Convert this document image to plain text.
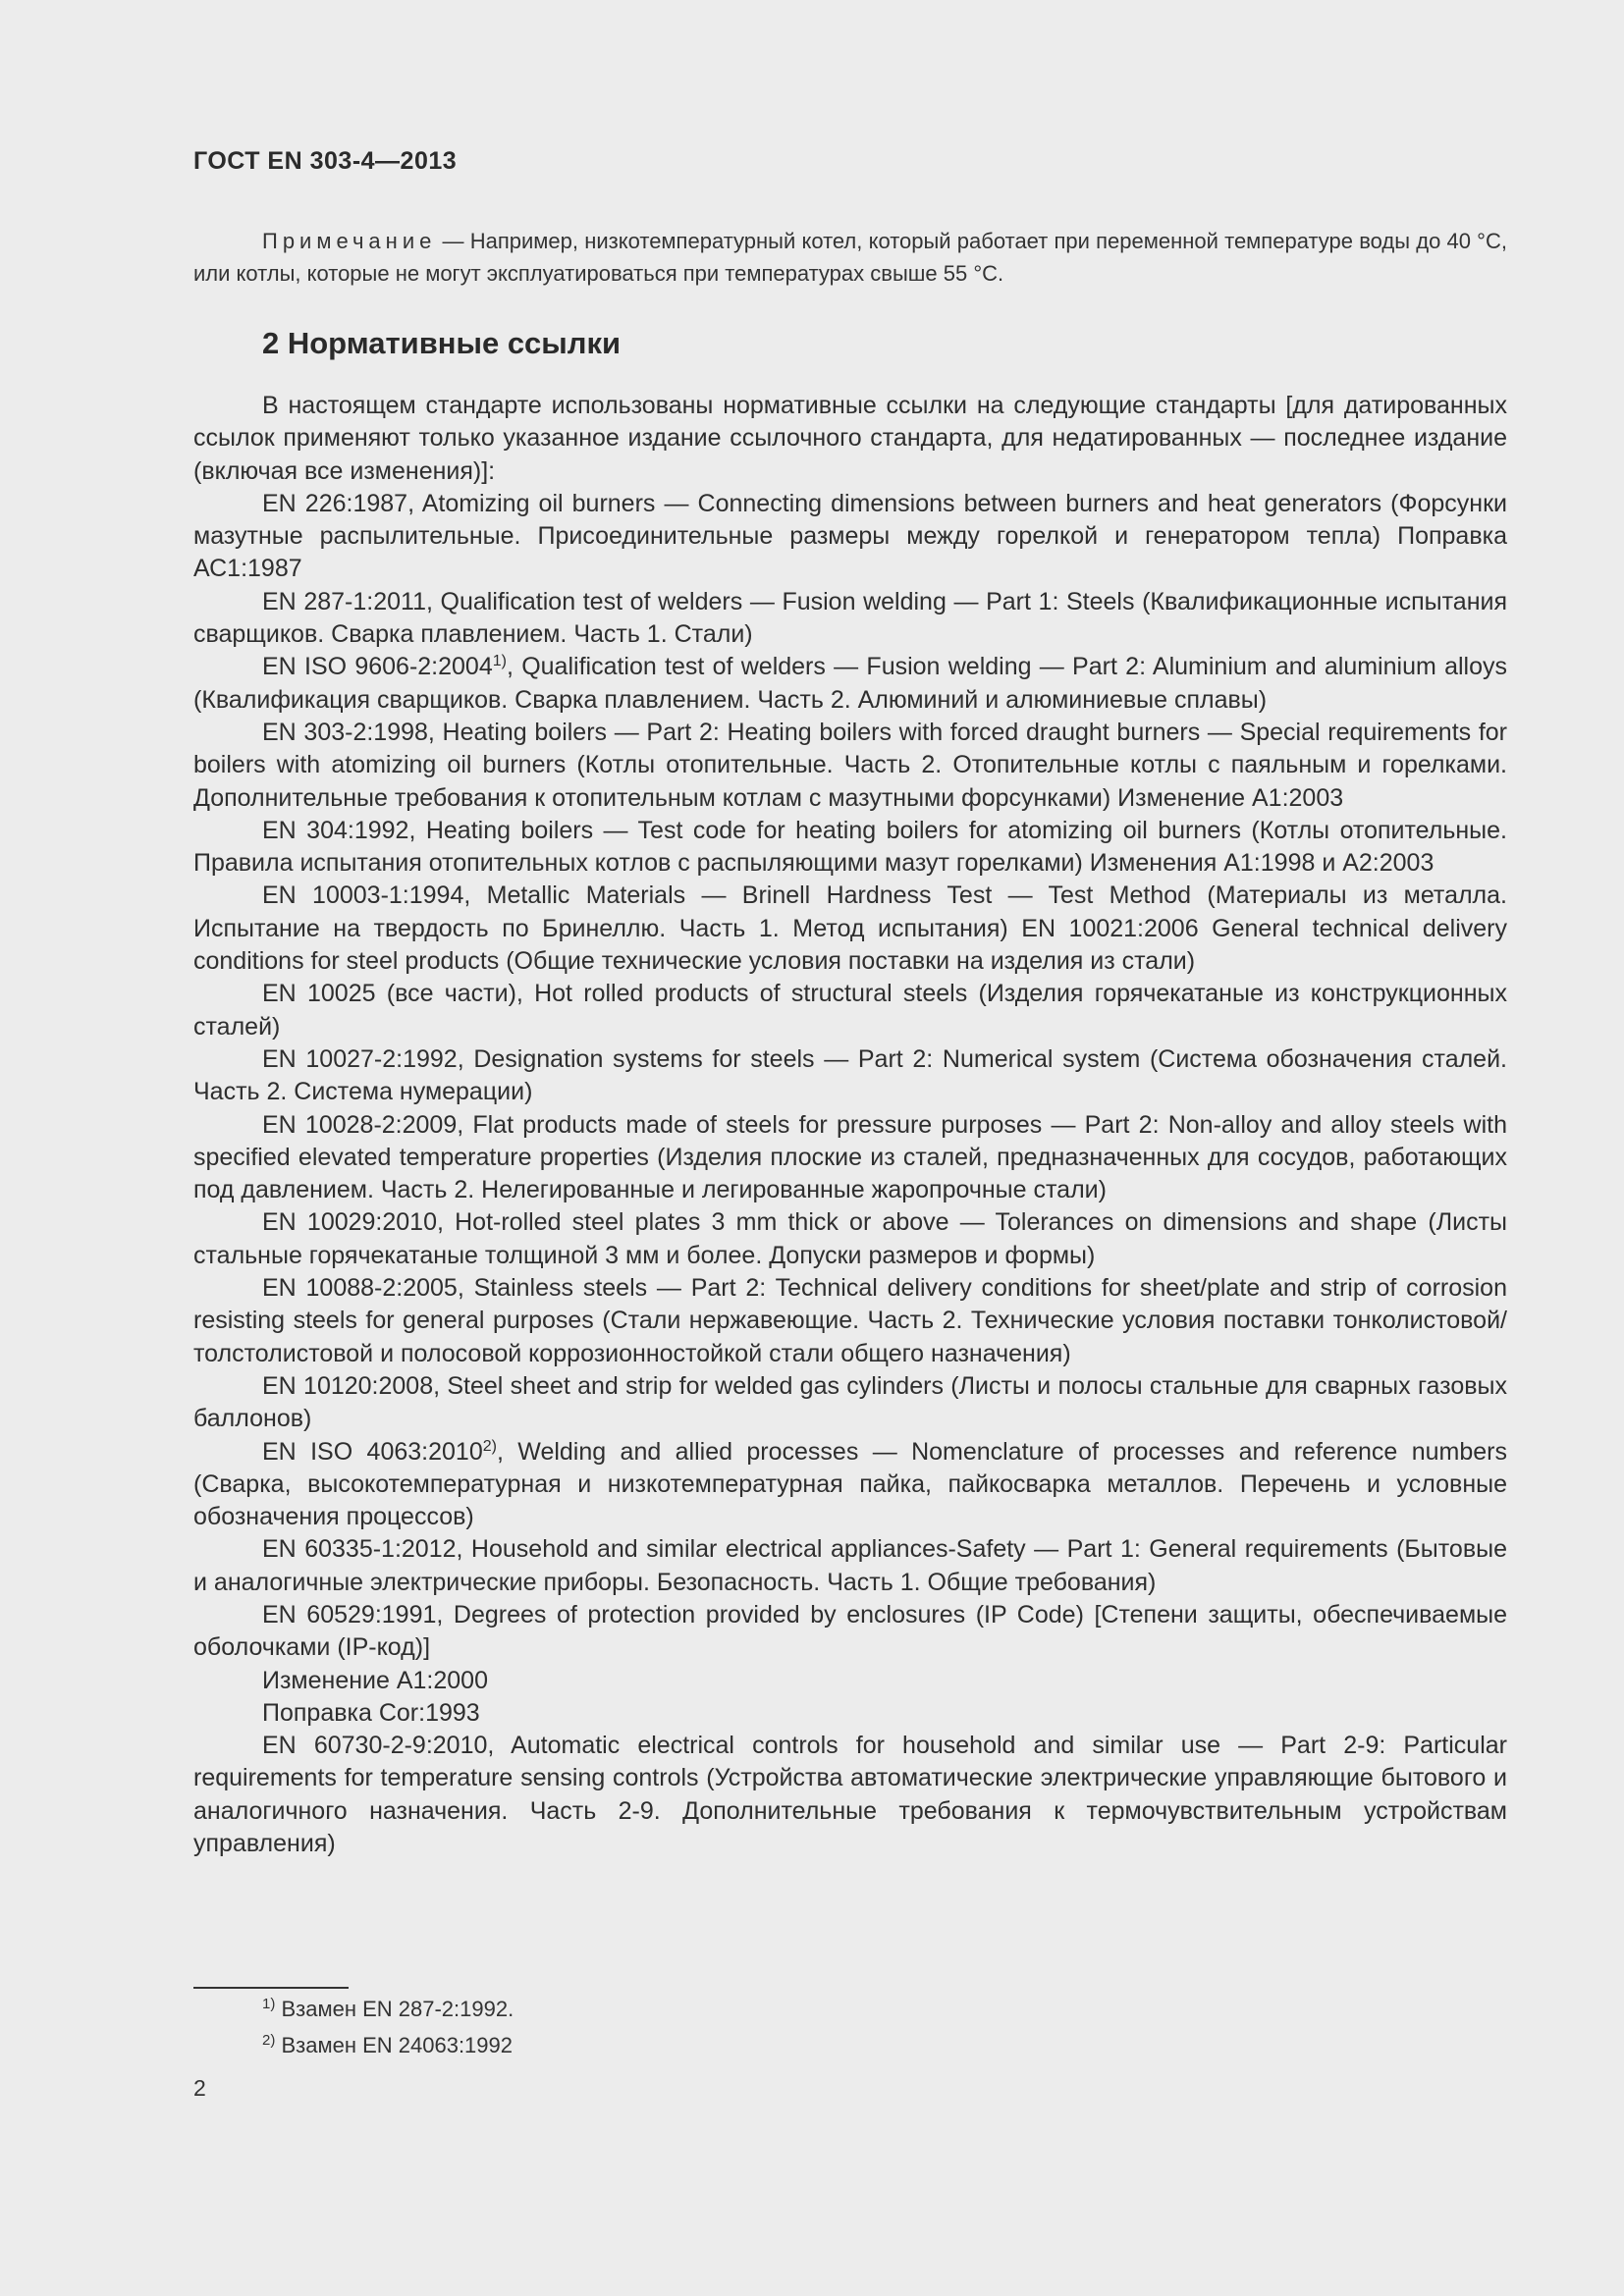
ГОСТ EN 303-4—2013
Примечание — Например, низкотемпературный котел, который работает при переменной температуре воды до 40 °С, или котлы, которые не могут эксплуатироваться при температурах свыше 55 °С.
2 Нормативные ссылки

В настоящем стандарте использованы нормативные ссылки на следующие стандарты [для датированных ссылок применяют только указанное издание ссылочного стандарта, для недатированных — последнее издание (включая все изменения)]:

EN 226:1987, Atomizing oil burners — Connecting dimensions between burners and heat generators (Форсунки мазутные распылительные. Присоединительные размеры между горелкой и генератором тепла) Поправка АС1:1987

EN 287-1:2011, Qualification test of welders — Fusion welding — Part 1: Steels (Квалификационные испытания сварщиков. Сварка плавлением. Часть 1. Стали)

EN ISO 9606-2:2004$^{1)}$, Qualification test of welders — Fusion welding — Part 2: Aluminium and aluminium alloys (Квалификация сварщиков. Сварка плавлением. Часть 2. Алюминий и алюминиевые сплавы)

EN 303-2:1998, Heating boilers — Part 2: Heating boilers with forced draught burners — Special requirements for boilers with atomizing oil burners (Котлы отопительные. Часть 2. Отопительные котлы с паяльным и горелками. Дополнительные требования к отопительным котлам с мазутными форсунками) Изменение А1:2003

EN 304:1992, Heating boilers — Test code for heating boilers for atomizing oil burners (Котлы отопительные. Правила испытания отопительных котлов с распыляющими мазут горелками) Изменения А1:1998 и А2:2003

EN 10003-1:1994, Metallic Materials — Brinell Hardness Test — Test Method (Материалы из металла. Испытание на твердость по Бринеллю. Часть 1. Метод испытания) EN 10021:2006 General technical delivery conditions for steel products (Общие технические условия поставки на изделия из стали)

EN 10025 (все части), Hot rolled products of structural steels (Изделия горячекатаные из конструкционных сталей)

EN 10027-2:1992, Designation systems for steels — Part 2: Numerical system (Система обозначения сталей. Часть 2. Система нумерации)

EN 10028-2:2009, Flat products made of steels for pressure purposes — Part 2: Non-alloy and alloy steels with specified elevated temperature properties (Изделия плоские из сталей, предназначенных для сосудов, работающих под давлением. Часть 2. Нелегированные и легированные жаропрочные стали)

EN 10029:2010, Hot-rolled steel plates 3 mm thick or above — Tolerances on dimensions and shape (Листы стальные горячекатаные толщиной 3 мм и более. Допуски размеров и формы)

EN 10088-2:2005, Stainless steels — Part 2: Technical delivery conditions for sheet/plate and strip of corrosion resisting steels for general purposes (Стали нержавеющие. Часть 2. Технические условия поставки тонколистовой/толстолистовой и полосовой коррозионностойкой стали общего назначения)

EN 10120:2008, Steel sheet and strip for welded gas cylinders (Листы и полосы стальные для сварных газовых баллонов)

EN ISO 4063:2010$^{2)}$, Welding and allied processes — Nomenclature of processes and reference numbers (Сварка, высокотемпературная и низкотемпературная пайка, пайкосварка металлов. Перечень и условные обозначения процессов)

EN 60335-1:2012, Household and similar electrical appliances-Safety — Part 1: General requirements (Бытовые и аналогичные электрические приборы. Безопасность. Часть 1. Общие требования)

EN 60529:1991, Degrees of protection provided by enclosures (IP Code) [Степени защиты, обеспечиваемые оболочками (IP-код)]

Изменение А1:2000

Поправка Cor:1993

EN 60730-2-9:2010, Automatic electrical controls for household and similar use — Part 2-9: Particular requirements for temperature sensing controls (Устройства автоматические электрические управляющие бытового и аналогичного назначения. Часть 2-9. Дополнительные требования к термочувствительным устройствам управления)

$^{1)}$ Взамен EN 287-2:1992.
$^{2)}$ Взамен EN 24063:1992
2
